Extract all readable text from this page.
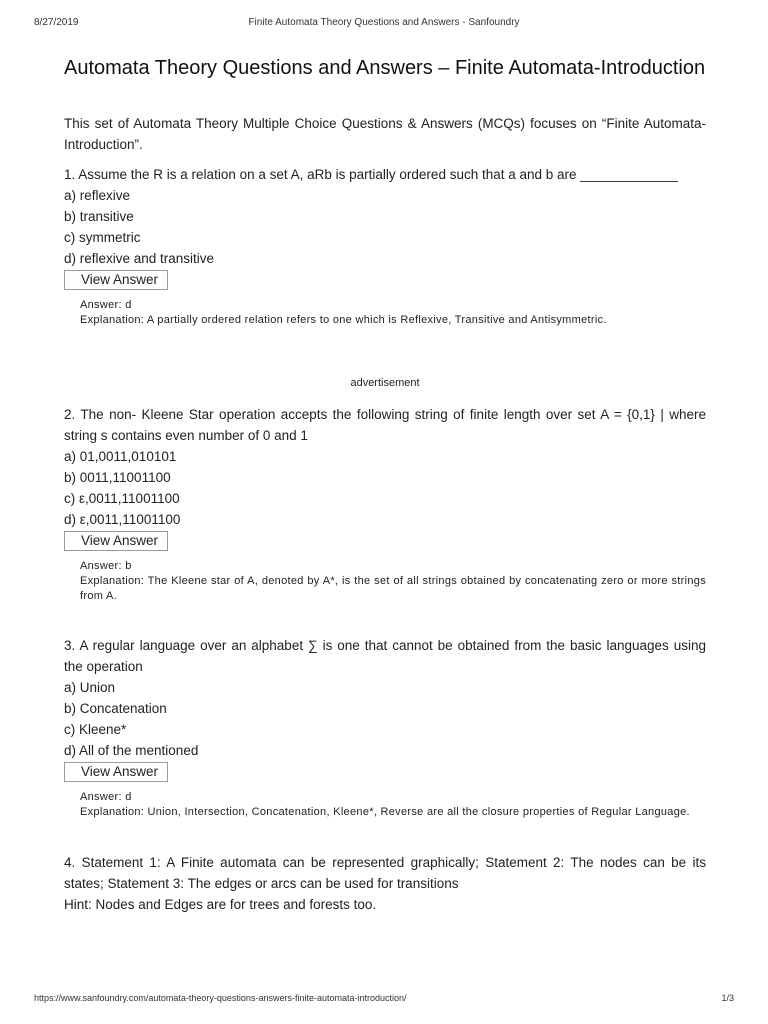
8/27/2019	Finite Automata Theory Questions and Answers - Sanfoundry
Automata Theory Questions and Answers – Finite Automata-Introduction

This set of Automata Theory Multiple Choice Questions & Answers (MCQs) focuses on “Finite Automata-Introduction”.

1. Assume the R is a relation on a set A, aRb is partially ordered such that a and b are _____________

a) reflexive
b) transitive
c) symmetric
d) reflexive and transitive
View Answer
Answer: d
Explanation: A partially ordered relation refers to one which is Reflexive, Transitive and Antisymmetric.
advertisement

2. The non- Kleene Star operation accepts the following string of finite length over set A = {0,1} | where string s contains even number of 0 and 1

a) 01,0011,010101
b) 0011,11001100
c) ε,0011,11001100
d) ε,0011,11001100
View Answer
Answer: b
Explanation: The Kleene star of A, denoted by A*, is the set of all strings obtained by concatenating zero or more strings from A.

3. A regular language over an alphabet ∑ is one that cannot be obtained from the basic languages using the operation

a) Union
b) Concatenation
c) Kleene*
d) All of the mentioned
View Answer
Answer: d
Explanation: Union, Intersection, Concatenation, Kleene*, Reverse are all the closure properties of Regular Language.

4. Statement 1: A Finite automata can be represented graphically; Statement 2: The nodes can be its states; Statement 3: The edges or arcs can be used for transitions

Hint: Nodes and Edges are for trees and forests too.

https://www.sanfoundry.com/automata-theory-questions-answers-finite-automata-introduction/	1/3
